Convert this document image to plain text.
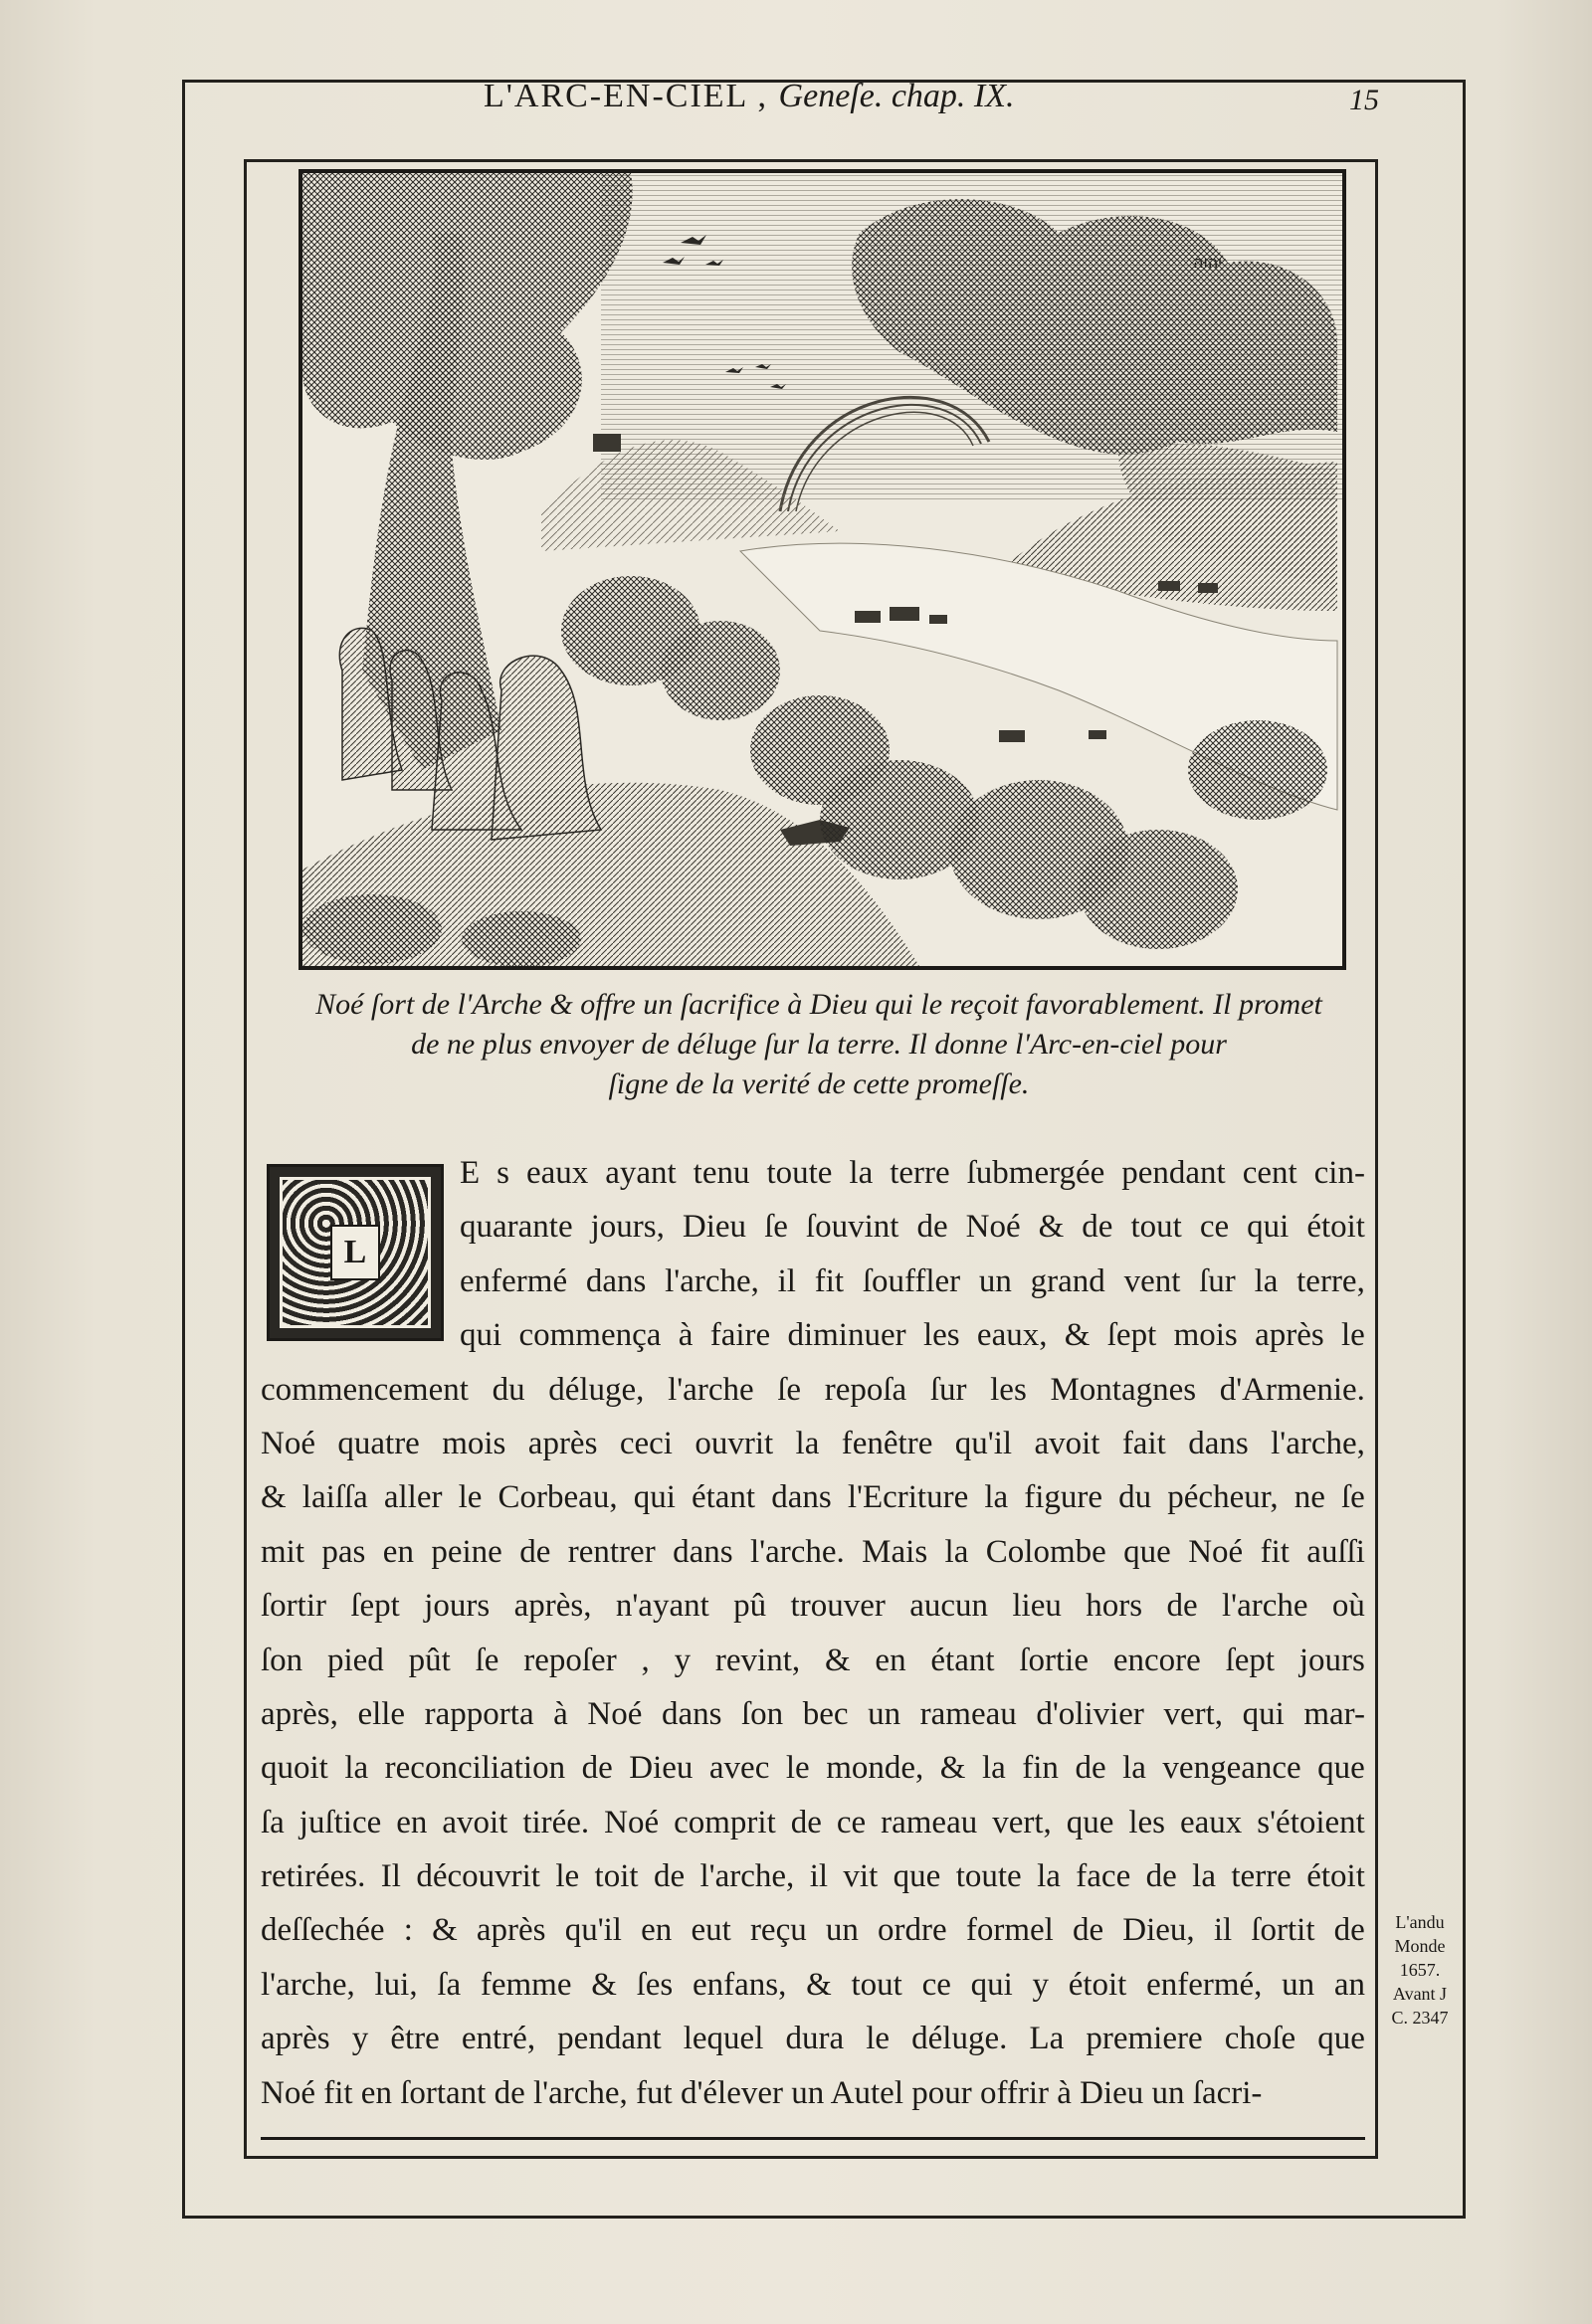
L'ARC-EN-CIEL , Geneſe. chap. IX.	15
יהוה
Noé ſort de l'Arche & offre un ſacrifice à Dieu qui le reçoit favorablement. Il promet
de ne plus envoyer de déluge ſur la terre. Il donne l'Arc-en-ciel pour
ſigne de la verité de cette promeſſe.
L
E s eaux ayant tenu toute la terre ſubmergée pendant cent cin-
quarante jours, Dieu ſe ſouvint de Noé & de tout ce qui étoit
enfermé dans l'arche, il fit ſouffler un grand vent ſur la terre,
qui commença à faire diminuer les eaux, & ſept mois après le
commencement du déluge, l'arche ſe repoſa ſur les Montagnes d'Armenie.
Noé quatre mois après ceci ouvrit la fenêtre qu'il avoit fait dans l'arche,
& laiſſa aller le Corbeau, qui étant dans l'Ecriture la figure du pécheur, ne ſe
mit pas en peine de rentrer dans l'arche. Mais la Colombe que Noé fit auſſi
ſortir ſept jours après, n'ayant pû trouver aucun lieu hors de l'arche où
ſon pied pût ſe repoſer , y revint, & en étant ſortie encore ſept jours
après, elle rapporta à Noé dans ſon bec un rameau d'olivier vert, qui mar-
quoit la reconciliation de Dieu avec le monde, & la fin de la vengeance que
ſa juſtice en avoit tirée. Noé comprit de ce rameau vert, que les eaux s'étoient
retirées. Il découvrit le toit de l'arche, il vit que toute la face de la terre étoit
deſſechée : & après qu'il en eut reçu un ordre formel de Dieu, il ſortit de
l'arche, lui, ſa femme & ſes enfans, & tout ce qui y étoit enfermé, un an
après y être entré, pendant lequel dura le déluge. La premiere choſe que
Noé fit en ſortant de l'arche, fut d'élever un Autel pour offrir à Dieu un ſacri-
L'andu
Monde
1657.
Avant J
C. 2347
